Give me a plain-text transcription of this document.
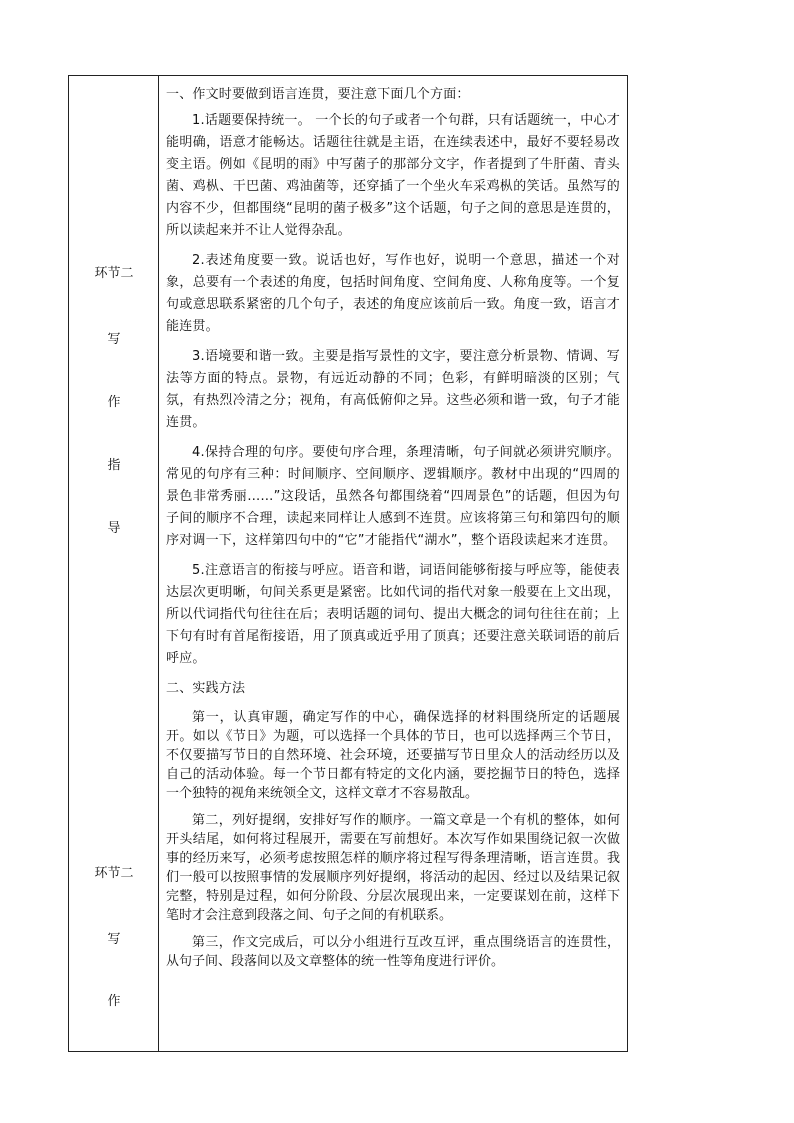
环节二
写
作
指
导
环节二
写
作

一、作文时要做到语言连贯，要注意下面几个方面：

1.话题要保持统一。 一个长的句子或者一个句群，只有话题统一，中心才能明确，语意才能畅达。话题往往就是主语，在连续表述中，最好不要轻易改变主语。例如《昆明的雨》中写菌子的那部分文字，作者提到了牛肝菌、青头菌、鸡枞、干巴菌、鸡油菌等，还穿插了一个坐火车采鸡枞的笑话。虽然写的内容不少，但都围绕“昆明的菌子极多”这个话题，句子之间的意思是连贯的，所以读起来并不让人觉得杂乱。

2.表述角度要一致。说话也好，写作也好，说明一个意思，描述一个对象，总要有一个表述的角度，包括时间角度、空间角度、人称角度等。一个复句或意思联系紧密的几个句子，表述的角度应该前后一致。角度一致，语言才能连贯。

3.语境要和谐一致。主要是指写景性的文字，要注意分析景物、情调、写法等方面的特点。景物，有远近动静的不同；色彩，有鲜明暗淡的区别；气氛，有热烈冷清之分；视角，有高低俯仰之异。这些必须和谐一致，句子才能连贯。

4.保持合理的句序。要使句序合理，条理清晰，句子间就必须讲究顺序。常见的句序有三种：时间顺序、空间顺序、逻辑顺序。教材中出现的“四周的景色非常秀丽……”这段话，虽然各句都围绕着“四周景色”的话题，但因为句子间的顺序不合理，读起来同样让人感到不连贯。应该将第三句和第四句的顺序对调一下，这样第四句中的“它”才能指代“湖水”，整个语段读起来才连贯。

5.注意语言的衔接与呼应。语音和谐，词语间能够衔接与呼应等，能使表达层次更明晰，句间关系更是紧密。比如代词的指代对象一般要在上文出现，所以代词指代句往往在后；表明话题的词句、提出大概念的词句往往在前；上下句有时有首尾衔接语，用了顶真或近乎用了顶真；还要注意关联词语的前后呼应。

二、实践方法

第一，认真审题，确定写作的中心，确保选择的材料围绕所定的话题展开。如以《节日》为题，可以选择一个具体的节日，也可以选择两三个节日，不仅要描写节日的自然环境、社会环境，还要描写节日里众人的活动经历以及自己的活动体验。每一个节日都有特定的文化内涵，要挖掘节日的特色，选择一个独特的视角来统领全文，这样文章才不容易散乱。

第二，列好提纲，安排好写作的顺序。一篇文章是一个有机的整体，如何开头结尾，如何将过程展开，需要在写前想好。本次写作如果围绕记叙一次做事的经历来写，必须考虑按照怎样的顺序将过程写得条理清晰，语言连贯。我们一般可以按照事情的发展顺序列好提纲，将活动的起因、经过以及结果记叙完整，特别是过程，如何分阶段、分层次展现出来，一定要谋划在前，这样下笔时才会注意到段落之间、句子之间的有机联系。

第三，作文完成后，可以分小组进行互改互评，重点围绕语言的连贯性，从句子间、段落间以及文章整体的统一性等角度进行评价。
